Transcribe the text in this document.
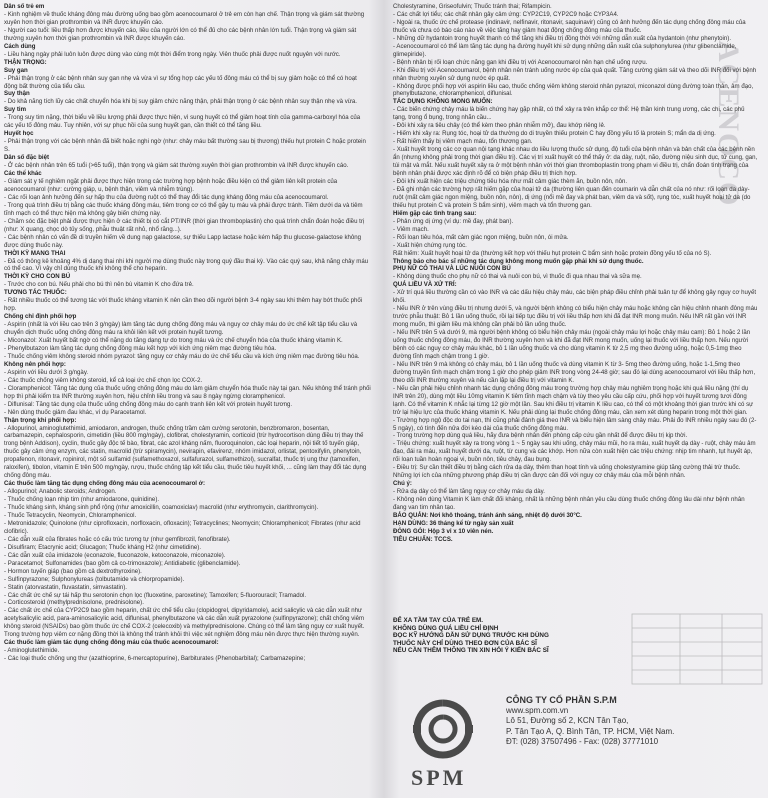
ACENOCO

Dân số trẻ em

- Kinh nghiệm về thuốc kháng đông máu đường uống bao gồm acenocoumarol ở trẻ em còn hạn chế. Thận trọng và giám sát thường xuyên hơn thời gian prothrombin và INR được khuyến cáo.

- Người cao tuổi: liều thấp hơn được khuyến cáo, liều của người lớn có thể đủ cho các bệnh nhân lớn tuổi. Thận trọng và giám sát thường xuyên hơn thời gian prothrombin và INR được khuyến cáo.

Cách dùng

- Liều hàng ngày phải luôn luôn được dùng vào cùng một thời điểm trong ngày. Viên thuốc phải được nuốt nguyên với nước.

THẬN TRỌNG:

Suy gan

- Phải thận trọng ở các bệnh nhân suy gan nhẹ và vừa vì sự tổng hợp các yếu tố đông máu có thể bị suy giảm hoặc có thể có hoạt động bất thường của tiểu cầu.

Suy thận

- Do khả năng tích lũy các chất chuyển hóa khi bị suy giảm chức năng thận, phải thận trọng ở các bệnh nhân suy thận nhẹ và vừa.

Suy tim

- Trong suy tim nặng, thời biểu về liều lượng phải được thực hiện, vì sung huyết có thể giảm hoạt tính của gamma-carboxyl hóa của các yếu tố đông máu. Tuy nhiên, với sự phục hồi của sung huyết gan, cần thiết có thể tăng liều.

Huyết học

- Phải thận trọng với các bệnh nhân đã biết hoặc nghi ngờ (như: chảy máu bất thường sau bị thương) thiếu hụt protein C hoặc protein S.

Dân số đặc biệt

- Ở các bệnh nhân trên 65 tuổi (>65 tuổi), thận trọng và giám sát thường xuyên thời gian prothrombin và INR được khuyến cáo.

Các thể khác

- Giám sát y tế nghiêm ngặt phải được thực hiện trong các trường hợp bệnh hoặc điều kiện có thể giảm liên kết protein của acenocoumarol (như: cường giáp, u, bệnh thận, viêm và nhiễm trùng).

- Các rối loạn ảnh hưởng đến sự hấp thu của đường ruột có thể thay đổi tác dụng kháng đông máu của acenocoumarol.

- Trong quá trình điều trị bằng các thuốc kháng đông máu, tiêm trong cơ có thể gây tụ máu và phải được tránh. Tiêm dưới da và tiêm tĩnh mạch có thể thực hiện mà không gây biến chứng này.

- Chăm sóc đặc biệt phải được thực hiện ở các thiết bị có cắt PT/INR (thời gian thromboplastin) cho quá trình chẩn đoán hoặc điều trị (như: X quang, chọc dò tủy sống, phẫu thuật rất nhỏ, nhổ răng...).

- Các bệnh nhân có vấn đề di truyền hiếm về dung nạp galactose, sự thiếu Lapp lactase hoặc kém hấp thu glucose-galactose không được dùng thuốc này.

THỜI KỲ MANG THAI

- Đã có thông kê khoảng 4% dị dạng thai nhi khi người mẹ dùng thuốc này trong quý đầu thai kỳ. Vào các quý sau, khả năng chảy máu có thể cao. Vì vậy chỉ dùng thuốc khi không thể cho heparin.

THỜI KỲ CHO CON BÚ

- Trước cho con bú. Nếu phải cho bú thì nên bù vitamin K cho đứa trẻ.

TƯƠNG TÁC THUỐC:

- Rất nhiều thuốc có thể tương tác với thuốc kháng vitamin K nên cần theo dõi người bệnh 3-4 ngày sau khi thêm hay bớt thuốc phối hợp.

Chống chỉ định phối hợp

- Aspirin (nhất là với liều cao trên 3 g/ngày) làm tăng tác dụng chống đông máu và nguy cơ chảy máu do ức chế kết tập tiểu cầu và chuyển dịch thuốc uống chống đông máu ra khỏi liên kết với protein huyết tương.

- Miconazol: Xuất huyết bất ngờ có thể nặng do tăng dạng tự do trong máu và ức chế chuyển hóa của thuốc kháng vitamin K.

- Phenylbutazon làm tăng tác dụng chống đông máu kết hợp với kích ứng niêm mạc đường tiêu hóa.

- Thuốc chống viêm không steroid nhóm pyrazol: tăng nguy cơ chảy máu do ức chế tiểu cầu và kích ứng niêm mạc đường tiêu hóa.

Không nên phối hợp:

- Aspirin với liều dưới 3 g/ngày.

- Các thuốc chống viêm không steroid, kể cả loại ức chế chọn lọc COX-2.

- Cloramphenicol: Tăng tác dụng của thuốc uống chống đông máu do làm giảm chuyển hóa thuốc này tại gan. Nếu không thể tránh phối hợp thì phải kiểm tra INR thường xuyên hơn, hiệu chỉnh liều trong và sau 8 ngày ngừng cloramphenicol.

- Diflunisal: Tăng tác dụng của thuốc uống chống đông máu do cạnh tranh liên kết với protein huyết tương.

- Nên dùng thuốc giảm đau khác, ví dụ Paracetamol.

Thận trọng khi phối hợp:

- Allopurinol, aminoglutethimid, amiodaron, androgen, thuốc chống trầm cảm cường serotonin, benzbromaron, bosentan, carbamazepin, cephalosporin, cimetidin (liều 800 mg/ngày), clofibrat, cholestyramin, corticoid (trừ hydrocortison dùng điều trị thay thế trong bệnh Addison), cyclin, thuốc gây độc tế bào, fibrat, các azol kháng nấm, fluoroquinolon, các loại heparin, nội tiết tố tuyến giáp, thuốc gây cảm ứng enzym, các statin, macrolid (trừ spiramycin), nevirapin, efavirenz, nhóm imidazol, orlistat, pentoxifylin, phenytoin, propafenon, ritonavir, ropinirol, một số sulfamid (sulfamethoxazol, sulfafurazol, sulfamethizol), sucralfat, thuốc trị ung thư (tamoxifen, raloxifen), tibolon, vitamin E trên 500 mg/ngày, rượu, thuốc chống tập kết tiểu cầu, thuốc tiêu huyết khối, ... cũng làm thay đổi tác dụng chống đông máu.

Các thuốc làm tăng tác dụng chống đông máu của acenocoumarol ở:

- Allopurinol; Anabolic steroids; Androgen.

- Thuốc chống loạn nhịp tim (như amiodarone, quinidine).

- Thuốc kháng sinh, kháng sinh phổ rộng (như amoxicillin, coamoxiclav) macrolid (như erythromycin, clarithromycin).

- Thuốc Tetracyclin, Neomycin, Chloramphenicol.

- Metronidazole; Quinolone (như ciprofloxacin, norfloxacin, ofloxacin); Tetracyclines; Neomycin; Chloramphenicol; Fibrates (như acid clofibric).

- Các dẫn xuất của fibrates hoặc có cấu trúc tương tự (như gemfibrozil, fenofibrate).

- Disulfiram; Etacrynic acid; Glucagon; Thuốc kháng H2 (như cimetidine).

- Các dẫn xuất của imidazole (econazole, fluconazole, ketoconazole, miconazole).

- Paracetamol; Sulfonamides (bao gồm cả co-trimoxazole); Antidiabetic (glibenclamide).

- Hormon tuyến giáp (bao gồm cả dextrothyroxine).

- Sulfinpyrazone; Sulphonylureas (tolbutamide và chlorpropamide).

- Statin (atorvastatin, fluvastatin, simvastatin).

- Các chất ức chế sự tái hấp thu serotonin chọn lọc (fluoxetine, paroxetine); Tamoxifen; 5-fluorouracil; Tramadol.

- Corticosteroid (methylprednisolone, prednisolone).

- Các chất ức chế của CYP2C9 bao gồm heparin, chất ức chế tiểu cầu (clopidogrel, dipyridamole), acid salicylic và các dẫn xuất như acetylsalicylic acid, para-aminosalicylic acid, diflunisal, phenylbutazone và các dẫn xuất pyrazolone (sulfinpyrazone); chất chống viêm không steroid (NSAIDs) bao gồm thuốc ức chế COX-2 (celecoxib) và methylprednisolone. Chúng có thể làm tăng nguy cơ xuất huyết. Trong trường hợp viêm cơ nặng đồng thời là không thể tránh khỏi thì việc xét nghiệm đông máu nên được thực hiện thường xuyên.

Các thuốc làm giảm tác dụng chống đông máu của thuốc acenocoumarol:

- Aminoglutethimide.

- Các loại thuốc chống ung thư (azathioprine, 6-mercaptopurine), Barbiturates (Phenobarbital); Carbamazepine;

Cholestyramine, Griseofulvin; Thuốc tránh thai; Rifampicin.

- Các chất lợi tiểu; các chất nhân gây cảm ứng: CYP2C19, CYP2C9 hoặc CYP3A4.

- Ngoài ra, thuốc ức chế protease (indinavir, nelfinavir, ritonavir, saquinavir) cũng có ảnh hưởng đến tác dụng chống đông máu của thuốc và chưa có báo cáo nào về việc tăng hay giảm hoạt động chống đông máu của thuốc.

- Những dữ hydantoin trong huyết thanh có thể tăng khi điều trị đồng thời với những dẫn xuất của hydantoin (như phenytoin).

- Acenocoumarol có thể làm tăng tác dụng hạ đường huyết khi sử dụng những dẫn xuất của sulphonylurea (như glibenclamide, glimepiride).

- Bệnh nhân bị rối loạn chức năng gan khi điều trị với Acenocoumarol nên hạn chế uống rượu.

- Khi điều trị với Acenocoumarol, bệnh nhân nên tránh uống nước ép của quả quất. Tăng cường giám sát và theo dõi INR đối với bệnh nhân thường xuyên sử dụng nước ép quất.

- Không được phối hợp với aspirin liều cao, thuốc chống viêm không steroid nhân pyrazol, miconazol dùng đường toàn thân, âm đạo, phenylbutazone, chloramphenicol, diflunisal.

TÁC DỤNG KHÔNG MONG MUỐN:

- Các biến chứng chảy máu là biến chứng hay gặp nhất, có thể xảy ra trên khắp cơ thể: Hệ thần kinh trung ương, các chi, các phủ tạng, trong ổ bụng, trong nhãn cầu...

- Đôi khi xảy ra tiêu chảy (có thể kèm theo phân nhiễm mỡ), đau khớp riêng lẻ.

- Hiếm khi xảy ra: Rụng tóc, hoại tử da thường do di truyền thiếu protein C hay đồng yếu tố là protein S; mẩn da dị ứng.

- Rất hiếm thấy bị viêm mạch máu, tổn thương gan.

- Xuất huyết trong các cơ quan nội tạng khác nhau do liều lượng thuốc sử dụng, độ tuổi của bệnh nhân và bản chất của các bệnh nền ẩn (nhưng không phải trong thời gian điều trị). Các vị trí xuất huyết có thể thấy ở: da dày, ruột, não, đường niệu sinh dục, tử cung, gan, túi mật và mắt. Nếu xuất huyết xảy ra ở một bệnh nhân với thời gian thromboplastin trong phạm vi điều trị, chẩn đoán tình trạng của bệnh nhân phải được xác định rõ để có biện pháp điều trị thích hợp.

- Đôi khi xuất hiện các triệu chứng tiêu hóa như mất cảm giác thèm ăn, buồn nôn, nôn.

- Đã ghi nhận các trường hợp rất hiếm gặp của hoại tử da (thường liên quan đến coumarin và dẫn chất của nó như: rối loạn da dày-ruột (mất cảm giác ngon miệng, buồn nôn, nôn), dị ứng (nổi mề đay và phát ban, viêm da và sốt), rụng tóc, xuất huyết hoại tử da (do thiếu hụt protein C và protein S bẩm sinh), viêm mạch và tổn thương gan.

Hiếm gặp các tình trạng sau:

- Phản ứng dị ứng (ví dụ: mề đay, phát ban).

- Viêm mạch.

- Rối loạn tiêu hóa, mất cảm giác ngon miệng, buồn nôn, ói mửa.

- Xuất hiện chứng rụng tóc.

Rất hiếm: Xuất huyết hoại tử da (thường kết hợp với thiếu hụt protein C bẩm sinh hoặc protein đồng yếu tố của nó S).

Thông báo cho bác sĩ những tác dụng không mong muốn gặp phải khi sử dụng thuốc.

PHỤ NỮ CÓ THAI VÀ LÚC NUÔI CON BÚ

- Không dùng thuốc cho phụ nữ có thai và nuôi con bú, vì thuốc đi qua nhau thai và sữa mẹ.

QUÁ LIỀU VÀ XỬ TRÍ:

- Xử trí quá liều thường cần có vào INR và các dấu hiệu chảy máu, các biện pháp điều chỉnh phải tuân tự để không gây nguy cơ huyết khối.

- Nếu INR ở trên vùng điều trị nhưng dưới 5, và người bệnh không có biểu hiện chảy máu hoặc không cần hiệu chỉnh nhanh đông máu trước phẫu thuật: Bỏ 1 lần uống thuốc, rồi lại tiếp tục điều trị với liều thấp hơn khi đã đạt INR mong muốn. Nếu INR rất gần với INR mong muốn, thì giảm liều mà không cần phải bỏ lần uống thuốc.

- Nếu INR trên 5 và dưới 9, mà người bệnh không có biểu hiện chảy máu (ngoài chảy máu lợi hoặc chảy máu cam): Bỏ 1 hoặc 2 lần uống thuốc chống đông máu, đo INR thường xuyên hơn và khi đã đạt INR mong muốn, uống lại thuốc với liều thấp hơn. Nếu người bệnh có các nguy cơ chảy máu khác, bỏ 1 lần uống thuốc và cho dùng vitamin K từ 2,5 mg theo đường uống, hoặc 0,5-1mg theo đường tĩnh mạch chậm trong 1 giờ.

- Nếu INR trên 9 mà không có chảy máu, bỏ 1 lần uống thuốc và dùng vitamin K từ 3- 5mg theo đường uống, hoặc 1-1,5mg theo đường truyền tĩnh mạch chậm trong 1 giờ cho phép giảm INR trong vòng 24-48 giờ; sau đó lại dùng acenocoumarol với liều thấp hơn, theo dõi INR thường xuyên và nếu cần lặp lại điều trị với vitamin K.

- Nếu cần phải hiệu chỉnh nhanh tác dụng chống đông máu trong trường hợp chảy máu nghiêm trọng hoặc khi quá liều nặng (thí dụ INR trên 20), dùng một liều 10mg vitamin K tiêm tĩnh mạch chậm và tùy theo yêu cầu cấp cứu, phối hợp với huyết tương tươi đông lạnh. Có thể vitamin K nhắc lại từng 12 giờ một lần. Sau khi điều trị vitamin K liều cao, có thể có một khoảng thời gian trước khi có sự trở lại hiệu lực của thuốc kháng vitamin K. Nếu phải dùng lại thuốc chống đông máu, cần xem xét dùng heparin trong một thời gian.

- Trường hợp ngộ độc do tai nạn, thì cũng phải đánh giá theo INR và biểu hiện lâm sàng chảy máu. Phải đo INR nhiều ngày sau đó (2-5 ngày), có tính đến nửa đời kéo dài của thuốc chống đông máu.

- Trong trường hợp dùng quá liều, hãy đưa bệnh nhân đến phòng cấp cứu gần nhất để được điều trị kịp thời.

- Triệu chứng: xuất huyết xảy ra trong vòng 1 ~ 5 ngày sau khi uống, chảy máu mũi, ho ra máu, xuất huyết dạ dày - ruột, chảy máu âm đạo, đái ra máu, xuất huyết dưới da, ruột, từ cung và các khớp. Hơn nữa còn xuất hiện các triệu chứng: nhịp tim nhanh, tụt huyết áp, rối loạn tuần hoàn ngoại vi, buồn nôn, tiêu chảy, đau bụng.

- Điều trị: Sự cần thiết điều trị bằng cách rửa dạ dày, thêm than hoạt tính và uống cholestyramine giúp tăng cường thải trừ thuốc. Những lợi ích của những phương pháp điều trị cần được cân đối với nguy cơ chảy máu của mỗi bệnh nhân.

Chú ý:

- Rửa dạ dày có thể làm tăng nguy cơ chảy máu dạ dày.

- Không nên dùng Vitamin K làm chất đối kháng, nhất là những bệnh nhân yêu cầu dùng thuốc chống đông lâu dài như bệnh nhân đang van tim nhân tạo.

BẢO QUẢN: Nơi khô thoáng, tránh ánh sáng, nhiệt độ dưới 30°C.

HẠN DÙNG: 36 tháng kể từ ngày sản xuất

ĐÓNG GÓI: Hộp 3 vỉ x 10 viên nén.

TIÊU CHUẨN: TCCS.

ĐỂ XA TẦM TAY CỦA TRẺ EM.

KHÔNG DÙNG QUÁ LIỀU CHỈ ĐỊNH

ĐỌC KỸ HƯỚNG DẪN SỬ DỤNG TRƯỚC KHI DÙNG

THUỐC NÀY CHỈ DÙNG THEO ĐƠN CỦA BÁC SĨ

NẾU CẦN THÊM THÔNG TIN XIN HỎI Ý KIẾN BÁC SĨ

SPM
CÔNG TY CỔ PHẦN S.P.M
www.spm.com.vn
Lô 51, Đường số 2, KCN Tân Tạo,
P. Tân Tạo A, Q. Bình Tân, TP. HCM, Việt Nam.
ĐT: (028) 37507496 - Fax: (028) 37771010
